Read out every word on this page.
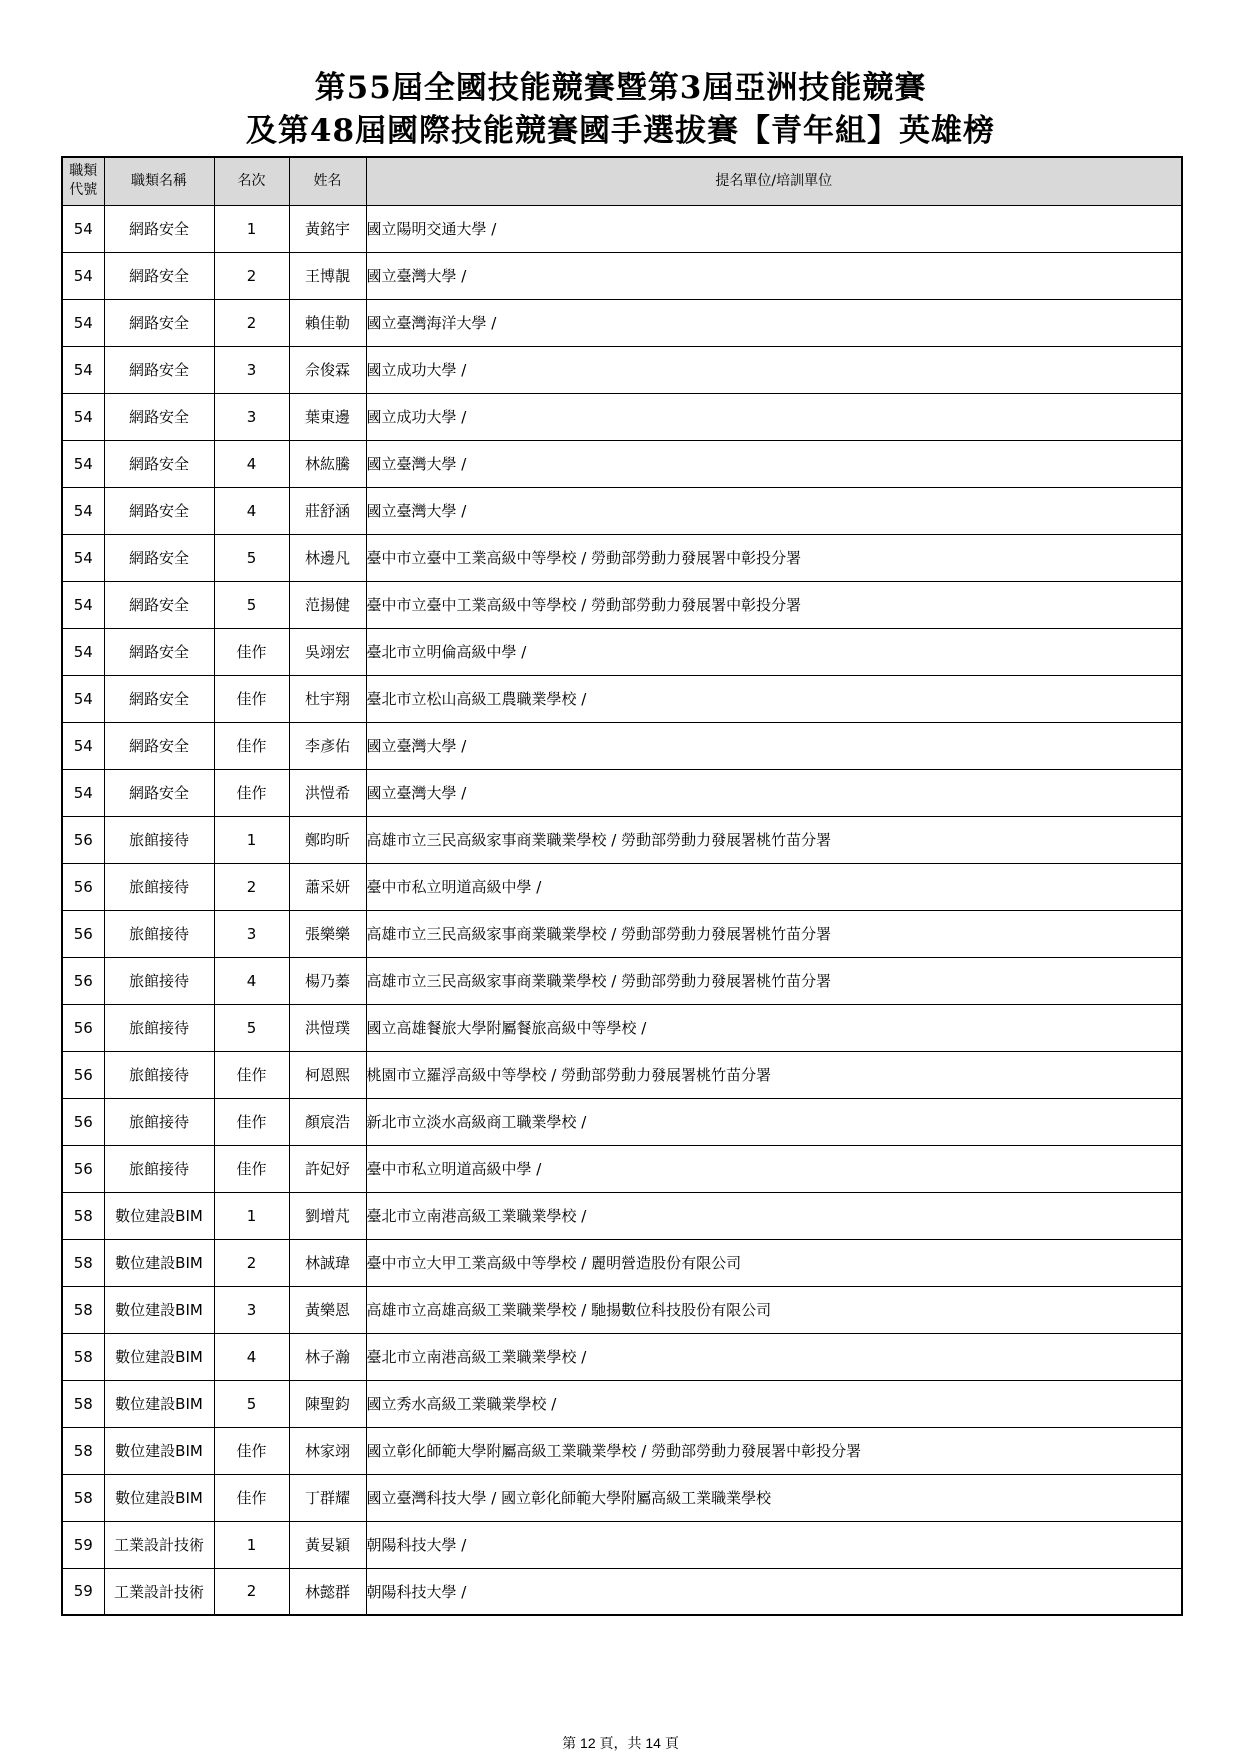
第55屆全國技能競賽暨第3屆亞洲技能競賽
及第48屆國際技能競賽國手選拔賽【青年組】英雄榜
職類
代號	職類名稱	名次	姓名	提名單位/培訓單位
54	網路安全	1	黃銘宇	國立陽明交通大學 /
54	網路安全	2	王博靚	國立臺灣大學 /
54	網路安全	2	賴佳勒	國立臺灣海洋大學 /
54	網路安全	3	佘俊霖	國立成功大學 /
54	網路安全	3	葉東邊	國立成功大學 /
54	網路安全	4	林紘騰	國立臺灣大學 /
54	網路安全	4	莊舒涵	國立臺灣大學 /
54	網路安全	5	林邊凡	臺中市立臺中工業高級中等學校 / 勞動部勞動力發展署中彰投分署
54	網路安全	5	范揚健	臺中市立臺中工業高級中等學校 / 勞動部勞動力發展署中彰投分署
54	網路安全	佳作	吳翊宏	臺北市立明倫高級中學 /
54	網路安全	佳作	杜宇翔	臺北市立松山高級工農職業學校 /
54	網路安全	佳作	李彥佑	國立臺灣大學 /
54	網路安全	佳作	洪愷希	國立臺灣大學 /
56	旅館接待	1	鄭昀昕	高雄市立三民高級家事商業職業學校 / 勞動部勞動力發展署桃竹苗分署
56	旅館接待	2	蕭采妍	臺中市私立明道高級中學 /
56	旅館接待	3	張樂樂	高雄市立三民高級家事商業職業學校 / 勞動部勞動力發展署桃竹苗分署
56	旅館接待	4	楊乃蓁	高雄市立三民高級家事商業職業學校 / 勞動部勞動力發展署桃竹苗分署
56	旅館接待	5	洪愷璞	國立高雄餐旅大學附屬餐旅高級中等學校 /
56	旅館接待	佳作	柯恩熙	桃園市立羅浮高級中等學校 / 勞動部勞動力發展署桃竹苗分署
56	旅館接待	佳作	顏宸浩	新北市立淡水高級商工職業學校 /
56	旅館接待	佳作	許妃妤	臺中市私立明道高級中學 /
58	數位建設BIM	1	劉增芃	臺北市立南港高級工業職業學校 /
58	數位建設BIM	2	林誠瑋	臺中市立大甲工業高級中等學校 / 麗明營造股份有限公司
58	數位建設BIM	3	黃樂恩	高雄市立高雄高級工業職業學校 / 馳揚數位科技股份有限公司
58	數位建設BIM	4	林子瀚	臺北市立南港高級工業職業學校 /
58	數位建設BIM	5	陳聖鈞	國立秀水高級工業職業學校 /
58	數位建設BIM	佳作	林家翊	國立彰化師範大學附屬高級工業職業學校 / 勞動部勞動力發展署中彰投分署
58	數位建設BIM	佳作	丁群耀	國立臺灣科技大學 / 國立彰化師範大學附屬高級工業職業學校
59	工業設計技術	1	黃妟穎	朝陽科技大學 /
59	工業設計技術	2	林懿群	朝陽科技大學 /
第 12 頁，共 14 頁
